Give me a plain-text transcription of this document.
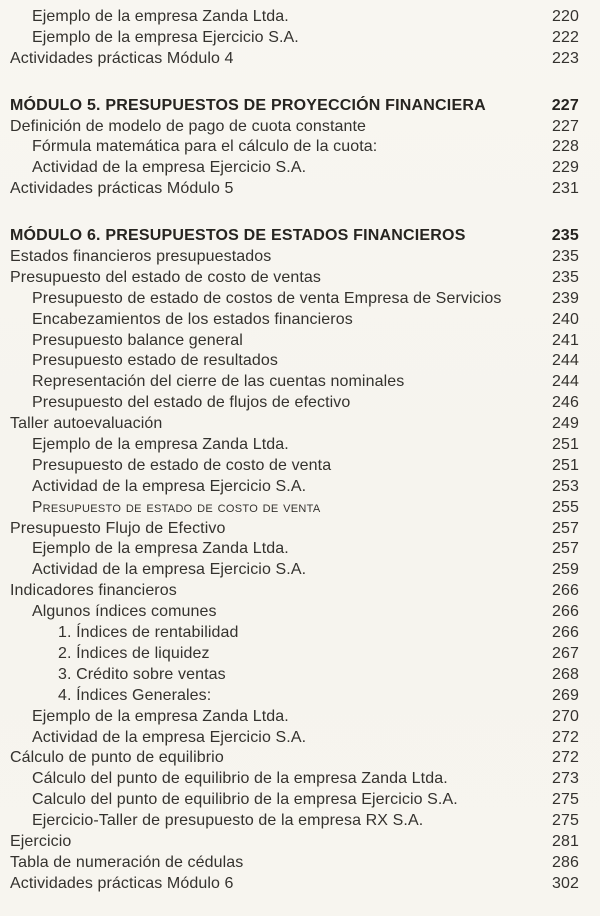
Ejemplo de la empresa Zanda Ltda.	220
Ejemplo de la empresa Ejercicio S.A.	222
Actividades prácticas Módulo 4	223
MÓDULO 5. PRESUPUESTOS DE PROYECCIÓN FINANCIERA	227
Definición de modelo de pago de cuota constante	227
Fórmula matemática para el cálculo de la cuota:	228
Actividad de la empresa Ejercicio S.A.	229
Actividades prácticas Módulo 5	231
MÓDULO 6. PRESUPUESTOS DE ESTADOS FINANCIEROS	235
Estados financieros presupuestados	235
Presupuesto del estado de costo de ventas	235
Presupuesto de estado de costos de venta Empresa de Servicios	239
Encabezamientos de los estados financieros	240
Presupuesto balance general	241
Presupuesto estado de resultados	244
Representación del cierre de las cuentas nominales	244
Presupuesto del estado de flujos de efectivo	246
Taller autoevaluación	249
Ejemplo de la empresa Zanda Ltda.	251
Presupuesto de estado de costo de venta	251
Actividad de la empresa Ejercicio S.A.	253
Presupuesto de estado de costo de venta	255
Presupuesto Flujo de Efectivo	257
Ejemplo de la empresa Zanda Ltda.	257
Actividad de la empresa Ejercicio S.A.	259
Indicadores financieros	266
Algunos índices comunes	266
1. Índices de rentabilidad	266
2. Índices de liquidez	267
3. Crédito sobre ventas	268
4. Índices Generales:	269
Ejemplo de la empresa Zanda Ltda.	270
Actividad de la empresa Ejercicio S.A.	272
Cálculo de punto de equilibrio	272
Cálculo del punto de equilibrio de la empresa Zanda Ltda.	273
Calculo del punto de equilibrio de la empresa Ejercicio S.A.	275
Ejercicio-Taller de presupuesto de la empresa RX S.A.	275
Ejercicio	281
Tabla de numeración de cédulas	286
Actividades prácticas Módulo 6	302
